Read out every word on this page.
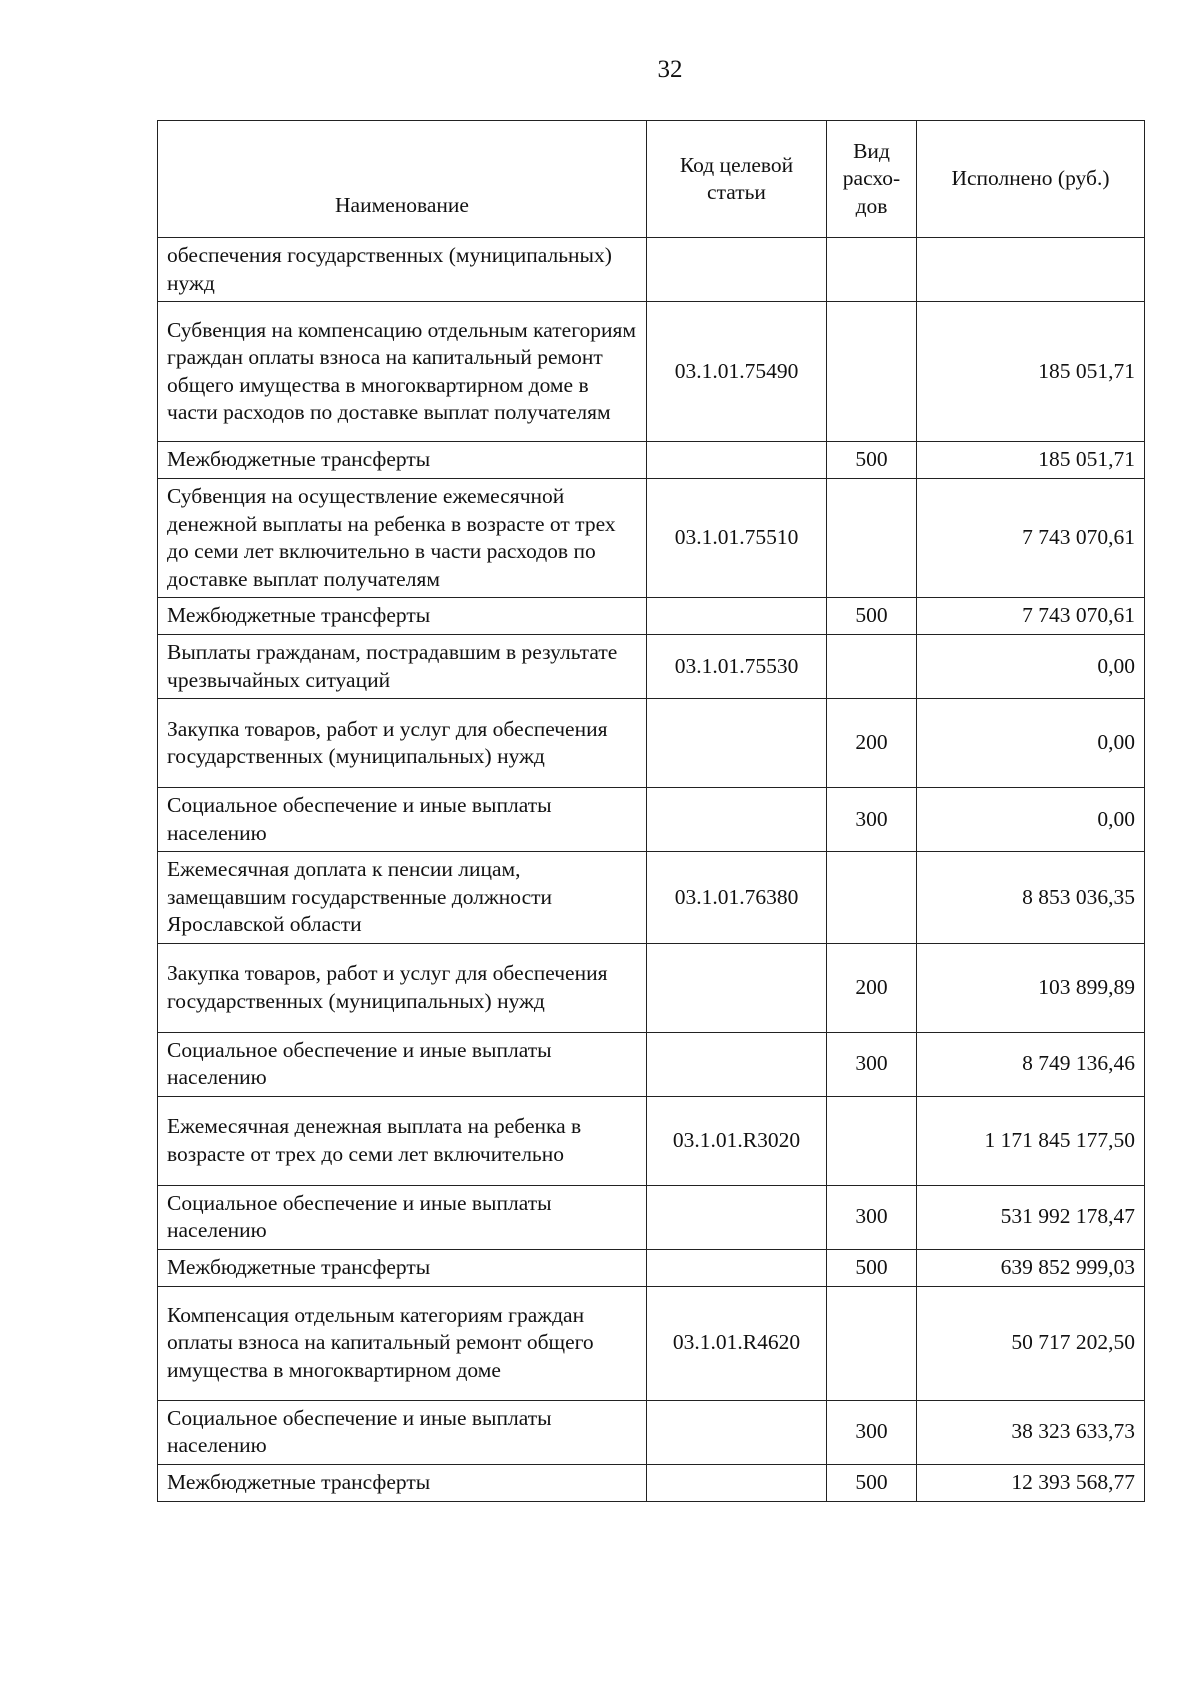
32
Наименование	Код целевой статьи	Вид расхо-дов	Исполнено (руб.)
обеспечения государственных (муниципальных) нужд			
Субвенция на компенсацию отдельным категориям граждан оплаты взноса на капитальный ремонт общего имущества в многоквартирном доме в части расходов по доставке выплат получателям	03.1.01.75490		185 051,71
Межбюджетные трансферты		500	185 051,71
Субвенция на осуществление ежемесячной денежной выплаты на ребенка в возрасте от трех до семи лет включительно в части расходов по доставке выплат получателям	03.1.01.75510		7 743 070,61
Межбюджетные трансферты		500	7 743 070,61
Выплаты гражданам, пострадавшим в результате чрезвычайных ситуаций	03.1.01.75530		0,00
Закупка товаров, работ и услуг для обеспечения государственных (муниципальных) нужд		200	0,00
Социальное обеспечение и иные выплаты населению		300	0,00
Ежемесячная доплата к пенсии лицам, замещавшим государственные должности Ярославской области	03.1.01.76380		8 853 036,35
Закупка товаров, работ и услуг для обеспечения государственных (муниципальных) нужд		200	103 899,89
Социальное обеспечение и иные выплаты населению		300	8 749 136,46
Ежемесячная денежная выплата на ребенка в возрасте от трех до семи лет включительно	03.1.01.R3020		1 171 845 177,50
Социальное обеспечение и иные выплаты населению		300	531 992 178,47
Межбюджетные трансферты		500	639 852 999,03
Компенсация отдельным категориям граждан оплаты взноса на капитальный ремонт общего имущества в многоквартирном доме	03.1.01.R4620		50 717 202,50
Социальное обеспечение и иные выплаты населению		300	38 323 633,73
Межбюджетные трансферты		500	12 393 568,77
